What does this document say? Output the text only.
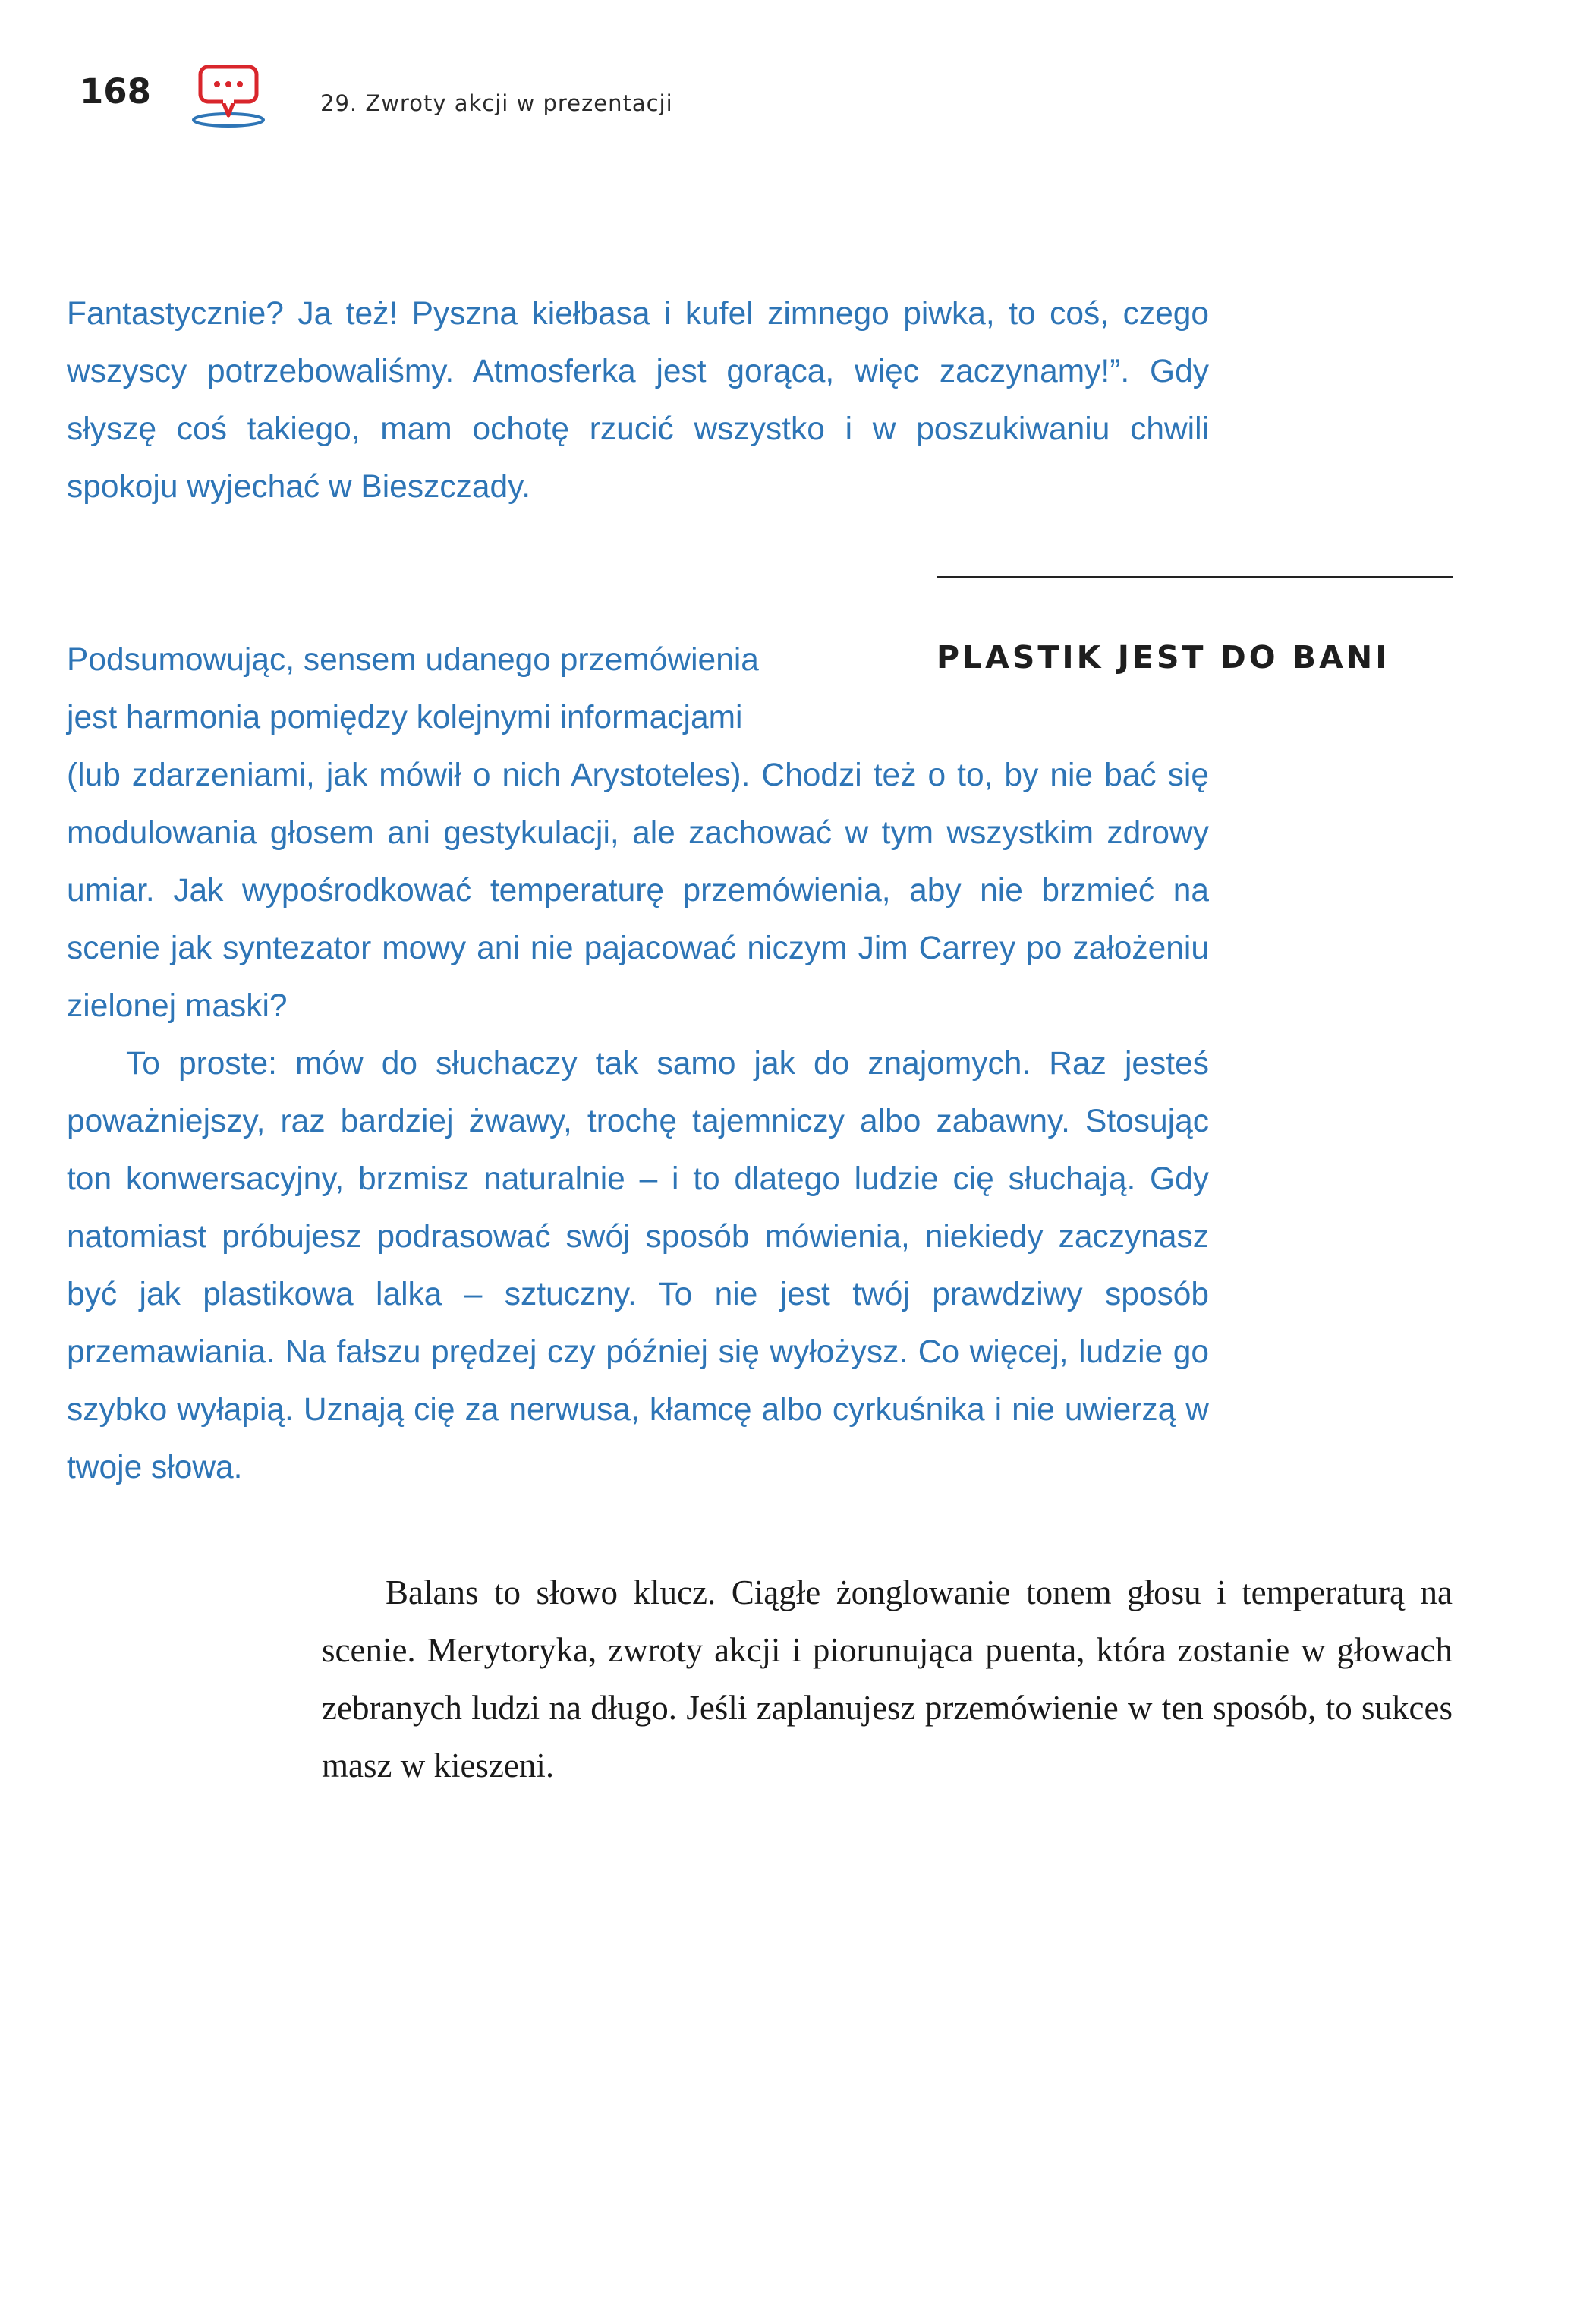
168	29. Zwroty akcji w prezentacji
Fantastycznie? Ja też! Pyszna kiełbasa i kufel zimnego piwka, to coś, czego wszyscy potrzebowaliśmy. Atmosferka jest gorąca, więc zaczynamy!”. Gdy słyszę coś takiego, mam ochotę rzucić wszystko i w poszukiwaniu chwili spokoju wyjechać w Bieszczady.
PLASTIK JEST DO BANI
Podsumowując, sensem udanego przemówienia
jest harmonia pomiędzy kolejnymi informacjami

(lub zdarzeniami, jak mówił o nich Arystoteles). Chodzi też o to, by nie bać się modulowania głosem ani gestykulacji, ale zachować w tym wszystkim zdrowy umiar. Jak wypośrodkować temperaturę przemówienia, aby nie brzmieć na scenie jak syntezator mowy ani nie pajacować niczym Jim Carrey po założeniu zielonej maski?

To proste: mów do słuchaczy tak samo jak do znajomych. Raz jesteś poważniejszy, raz bardziej żwawy, trochę tajemniczy albo zabawny. Stosując ton konwersacyjny, brzmisz naturalnie – i to dlatego ludzie cię słuchają. Gdy natomiast próbujesz podrasować swój sposób mówienia, niekiedy zaczynasz być jak plastikowa lalka – sztuczny. To nie jest twój prawdziwy sposób przemawiania. Na fałszu prędzej czy później się wyłożysz. Co więcej, ludzie go szybko wyłapią. Uznają cię za nerwusa, kłamcę albo cyrkuśnika i nie uwierzą w twoje słowa.

Balans to słowo klucz. Ciągłe żonglowanie tonem głosu i temperaturą na scenie. Merytoryka, zwroty akcji i piorunująca puenta, która zostanie w głowach zebranych ludzi na długo. Jeśli zaplanujesz przemówienie w ten sposób, to sukces masz w kieszeni.
